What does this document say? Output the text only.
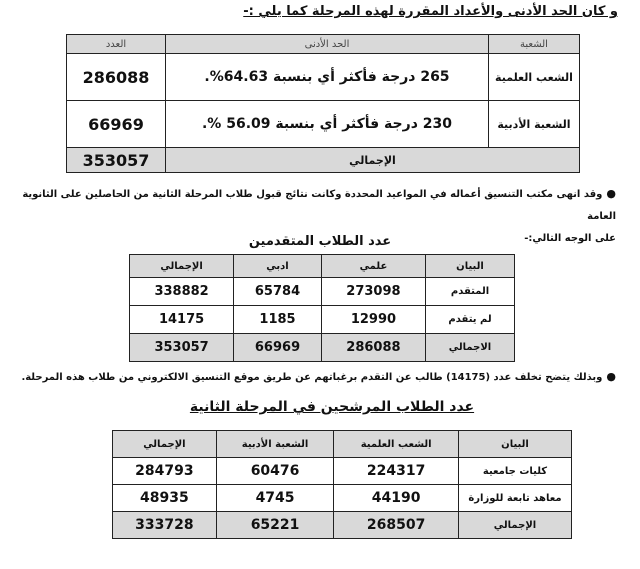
و كان الحد الأدنى والأعداد المقررة لهذه المرحلة كما يلي :-
الشعبة	الحد الأدنى	العدد
الشعب العلمية	265 درجة فأكثر أي بنسبة 64.63%.	286088
الشعبة الأدبية	230 درجة فأكثر أي بنسبة 56.09 %.	66969
الإجمالي		353057
●وقد انهى مكتب التنسيق أعماله في المواعيد المحددة وكانت نتائج قبول طلاب المرحلة الثانية من الحاصلين على الثانوية العامة
على الوجه التالي:-
عدد الطلاب المتقدمين
البيان	علمي	ادبي	الإجمالي
المتقدم	273098	65784	338882
لم يتقدم	12990	1185	14175
الاجمالي	286088	66969	353057
●وبذلك يتضح تخلف عدد (14175) طالب عن التقدم برغباتهم عن طريق موقع التنسيق الالكتروني من طلاب هذه المرحلة.
عدد الطلاب المرشحين في المرحلة الثانية
البيان	الشعب العلمية	الشعبة الأدبية	الإجمالي
كليات جامعية	224317	60476	284793
معاهد تابعة للوزارة	44190	4745	48935
الإجمالي	268507	65221	333728
